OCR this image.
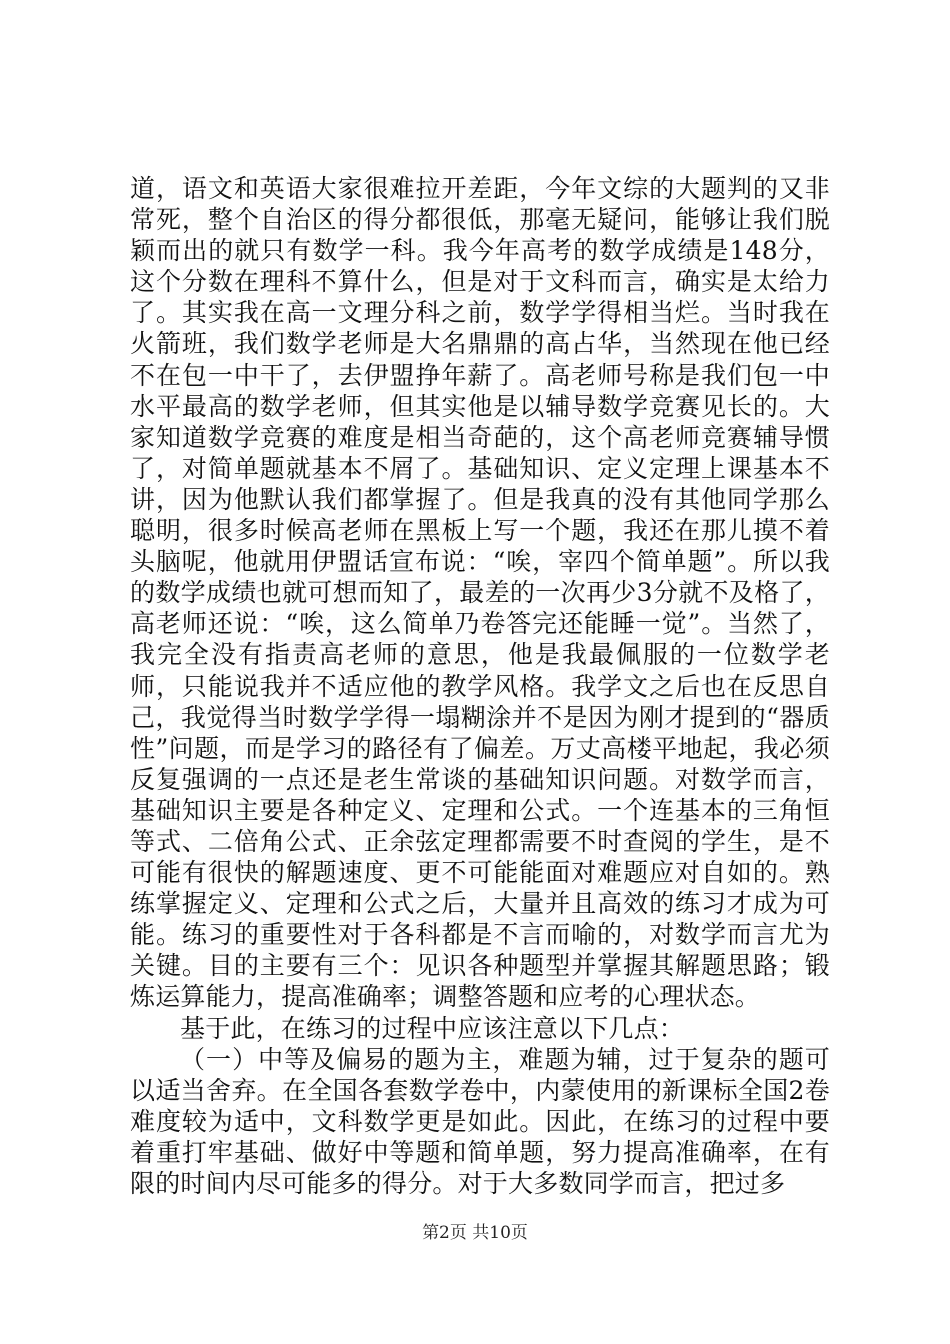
道，语文和英语大家很难拉开差距，今年文综的大题判的又非常死，整个自治区的得分都很低，那毫无疑问，能够让我们脱颖而出的就只有数学一科。我今年高考的数学成绩是148分，这个分数在理科不算什么，但是对于文科而言，确实是太给力了。其实我在高一文理分科之前，数学学得相当烂。当时我在火箭班，我们数学老师是大名鼎鼎的高占华，当然现在他已经不在包一中干了，去伊盟挣年薪了。高老师号称是我们包一中水平最高的数学老师，但其实他是以辅导数学竞赛见长的。大家知道数学竞赛的难度是相当奇葩的，这个高老师竞赛辅导惯了，对简单题就基本不屑了。基础知识、定义定理上课基本不讲，因为他默认我们都掌握了。但是我真的没有其他同学那么聪明，很多时候高老师在黑板上写一个题，我还在那儿摸不着头脑呢，他就用伊盟话宣布说：“唉，宰四个简单题”。所以我的数学成绩也就可想而知了，最差的一次再少3分就不及格了，高老师还说：“唉，这么简单乃卷答完还能睡一觉”。当然了，我完全没有指责高老师的意思，他是我最佩服的一位数学老师，只能说我并不适应他的教学风格。我学文之后也在反思自己，我觉得当时数学学得一塌糊涂并不是因为刚才提到的“器质性”问题，而是学习的路径有了偏差。万丈高楼平地起，我必须反复强调的一点还是老生常谈的基础知识问题。对数学而言，基础知识主要是各种定义、定理和公式。一个连基本的三角恒等式、二倍角公式、正余弦定理都需要不时查阅的学生，是不可能有很快的解题速度、更不可能能面对难题应对自如的。熟练掌握定义、定理和公式之后，大量并且高效的练习才成为可能。练习的重要性对于各科都是不言而喻的，对数学而言尤为关键。目的主要有三个：见识各种题型并掌握其解题思路；锻炼运算能力，提高准确率；调整答题和应考的心理状态。

基于此，在练习的过程中应该注意以下几点：

（一）中等及偏易的题为主，难题为辅，过于复杂的题可以适当舍弃。在全国各套数学卷中，内蒙使用的新课标全国2卷难度较为适中，文科数学更是如此。因此，在练习的过程中要着重打牢基础、做好中等题和简单题，努力提高准确率，在有限的时间内尽可能多的得分。对于大多数同学而言，把过多

第2页 共10页
